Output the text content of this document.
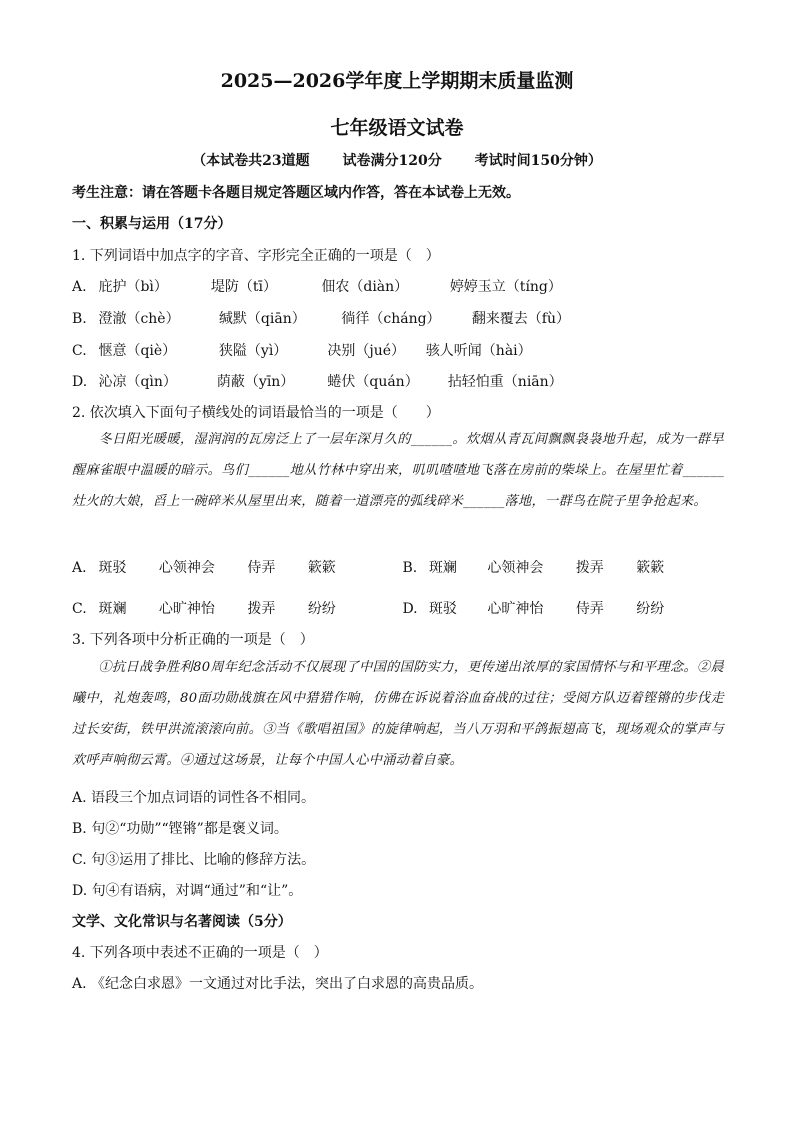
2025—2026学年度上学期期末质量监测
七年级语文试卷
（本试卷共23道题 试卷满分120分 考试时间150分钟）
考生注意：请在答题卡各题目规定答题区域内作答，答在本试卷上无效。
一、积累与运用（17分）
1. 下列词语中加点字的字音、字形完全正确的一项是（　）
A. 庇护（bì）	堤防（tī）	佃农（diàn）	婷婷玉立（tíng）
B. 澄澈（chè）	缄默（qiān）	徜徉（cháng） 翻来覆去（fù）
C. 惬意（qiè）	狭隘（yì）	决别（jué） 骇人听闻（hài）
D. 沁凉（qìn）	荫蔽（yīn） 蜷伏（quán） 拈轻怕重（niān）
2. 依次填入下面句子横线处的词语最恰当的一项是（　　）

冬日阳光暖暖，湿润润的瓦房泛上了一层年深月久的______。炊烟从青瓦间飘飘袅袅地升起，成为一群早醒麻雀眼中温暖的暗示。鸟们______地从竹林中穿出来，叽叽喳喳地飞落在房前的柴垛上。在屋里忙着______灶火的大娘，舀上一碗碎米从屋里出来，随着一道漂亮的弧线碎米______落地，一群鸟在院子里争抢起来。

A. 斑驳 心领神会 侍弄 簌簌	B. 斑斓 心领神会 拨弄 簌簌
C. 斑斓 心旷神怡 拨弄 纷纷	D. 斑驳 心旷神怡 侍弄 纷纷
3. 下列各项中分析正确的一项是（　）

①抗日战争胜利80周年纪念活动不仅展现了中国的国防实力，更传递出浓厚的家国情怀与和平理念。②晨曦中，礼炮轰鸣，80面功勋战旗在风中猎猎作响，仿佛在诉说着浴血奋战的过往；受阅方队迈着铿锵的步伐走过长安街，铁甲洪流滚滚向前。③当《歌唱祖国》的旋律响起，当八万羽和平鸽振翅高飞，现场观众的掌声与欢呼声响彻云霄。④通过这场景，让每个中国人心中涌动着自豪。

A. 语段三个加点词语的词性各不相同。
B. 句②“功勋”“铿锵”都是褒义词。
C. 句③运用了排比、比喻的修辞方法。
D. 句④有语病，对调“通过”和“让”。
文学、文化常识与名著阅读（5分）
4. 下列各项中表述不正确的一项是（　）
A. 《纪念白求恩》一文通过对比手法，突出了白求恩的高贵品质。
